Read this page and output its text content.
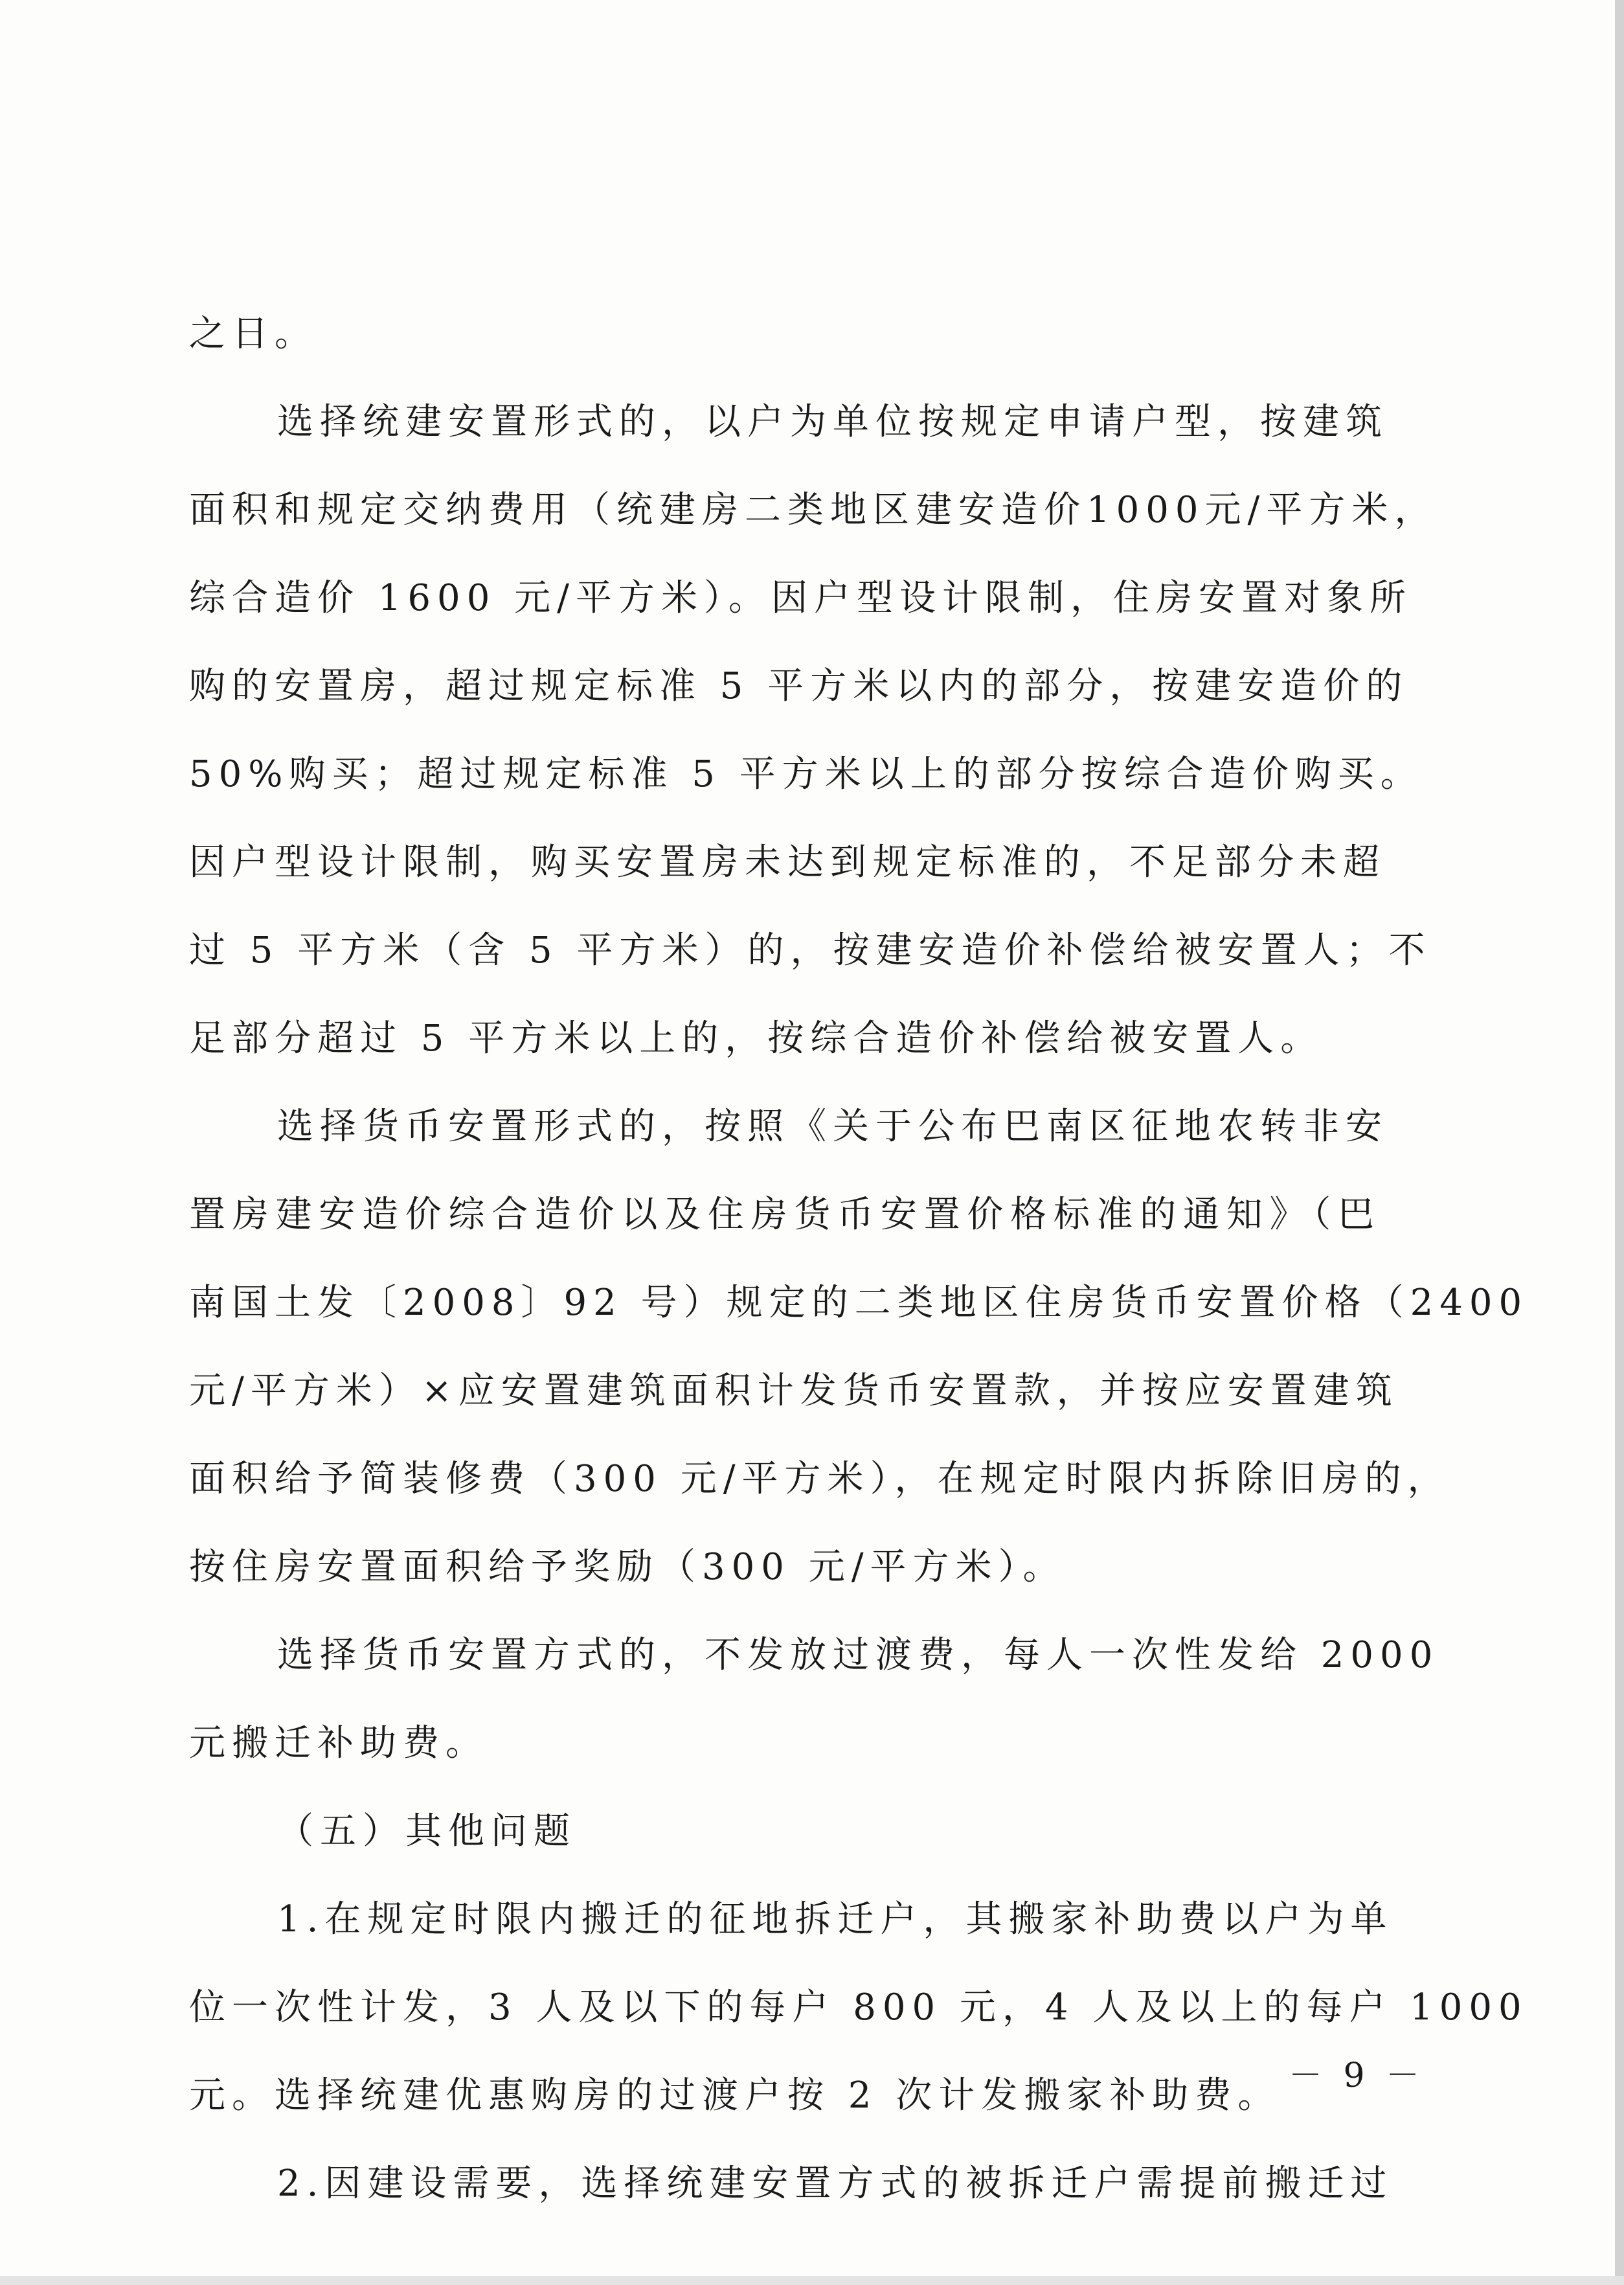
之日。
选择统建安置形式的，以户为单位按规定申请户型，按建筑
面积和规定交纳费用（统建房二类地区建安造价1000元/平方米，
综合造价 1600 元/平方米）。因户型设计限制，住房安置对象所
购的安置房，超过规定标准 5 平方米以内的部分，按建安造价的
50%购买；超过规定标准 5 平方米以上的部分按综合造价购买。
因户型设计限制，购买安置房未达到规定标准的，不足部分未超
过 5 平方米（含 5 平方米）的，按建安造价补偿给被安置人；不
足部分超过 5 平方米以上的，按综合造价补偿给被安置人。
选择货币安置形式的，按照《关于公布巴南区征地农转非安
置房建安造价综合造价以及住房货币安置价格标准的通知》（巴
南国土发〔2008〕92 号）规定的二类地区住房货币安置价格（2400
元/平方米）×应安置建筑面积计发货币安置款，并按应安置建筑
面积给予简装修费（300 元/平方米），在规定时限内拆除旧房的，
按住房安置面积给予奖励（300 元/平方米）。
选择货币安置方式的，不发放过渡费，每人一次性发给 2000
元搬迁补助费。
（五）其他问题
1.在规定时限内搬迁的征地拆迁户，其搬家补助费以户为单
位一次性计发，3 人及以下的每户 800 元，4 人及以上的每户 1000
元。选择统建优惠购房的过渡户按 2 次计发搬家补助费。
2.因建设需要，选择统建安置方式的被拆迁户需提前搬迁过
－ 9 －
